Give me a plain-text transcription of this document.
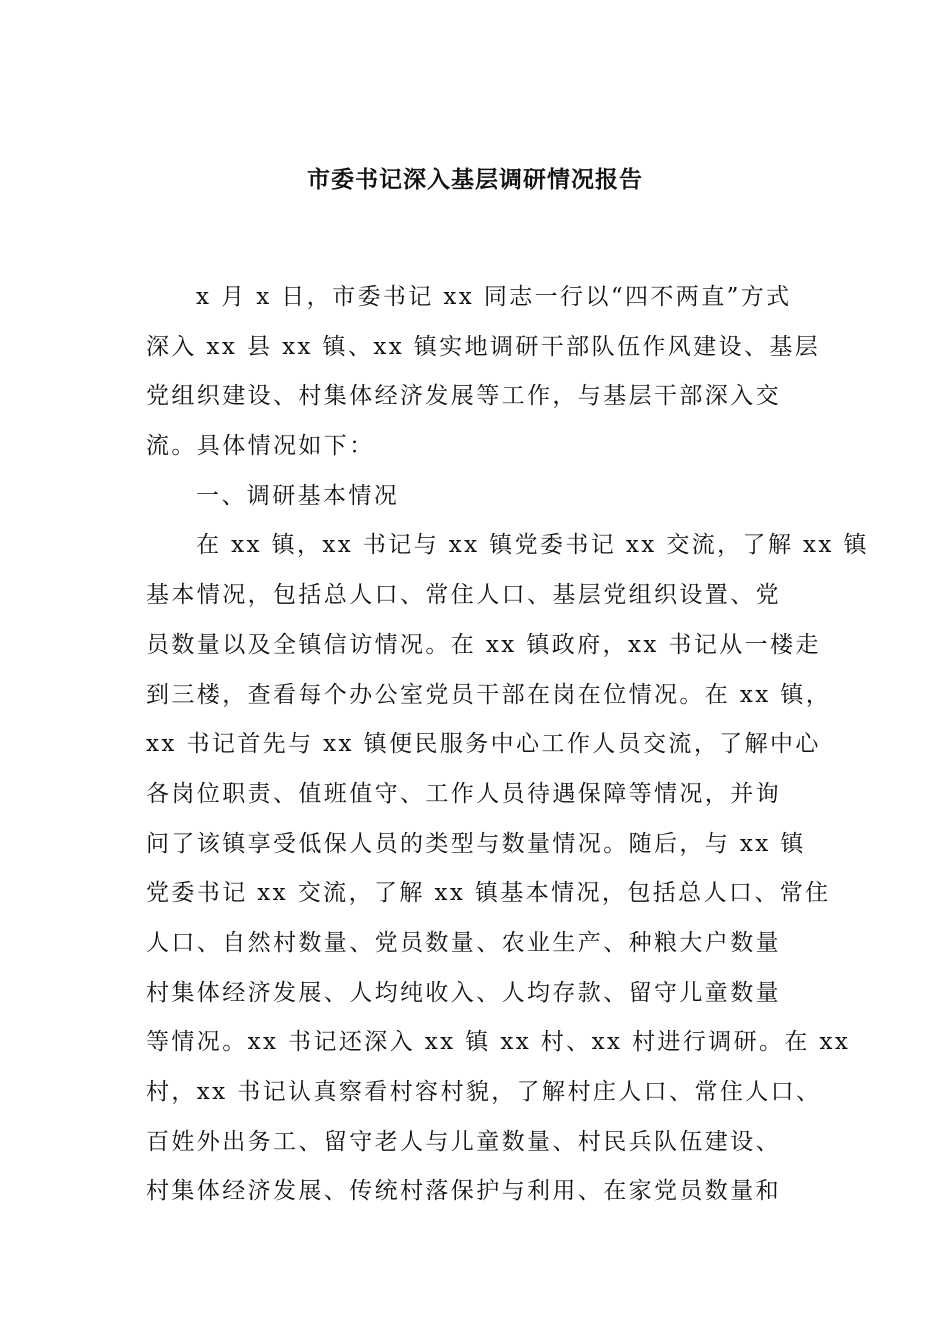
市委书记深入基层调研情况报告
x 月 x 日，市委书记 xx 同志一行以“四不两直”方式
深入 xx 县 xx 镇、xx 镇实地调研干部队伍作风建设、基层
党组织建设、村集体经济发展等工作，与基层干部深入交
流。具体情况如下：
一、调研基本情况
在 xx 镇，xx 书记与 xx 镇党委书记 xx 交流，了解 xx 镇
基本情况，包括总人口、常住人口、基层党组织设置、党
员数量以及全镇信访情况。在 xx 镇政府，xx 书记从一楼走
到三楼，查看每个办公室党员干部在岗在位情况。在 xx 镇，
xx 书记首先与 xx 镇便民服务中心工作人员交流，了解中心
各岗位职责、值班值守、工作人员待遇保障等情况，并询
问了该镇享受低保人员的类型与数量情况。随后，与 xx 镇
党委书记 xx 交流，了解 xx 镇基本情况，包括总人口、常住
人口、自然村数量、党员数量、农业生产、种粮大户数量
村集体经济发展、人均纯收入、人均存款、留守儿童数量
等情况。xx 书记还深入 xx 镇 xx 村、xx 村进行调研。在 xx
村，xx 书记认真察看村容村貌，了解村庄人口、常住人口、
百姓外出务工、留守老人与儿童数量、村民兵队伍建设、
村集体经济发展、传统村落保护与利用、在家党员数量和
